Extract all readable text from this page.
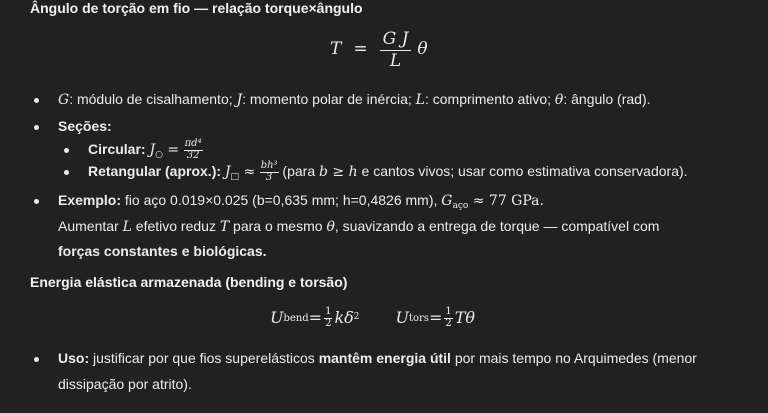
Ângulo de torção em fio — relação torque×ângulo
$T = \frac{\text{G J}}{L}$ θ
G: módulo de cisalhamento; J: momento polar de inércia; L: comprimento ativo; θ: ângulo (rad).
Seções:
Circular: $J_○ = \frac{\text{πd⁴}}{32}$
Retangular (aprox.): $J_□ \approx \frac{\text{bh³}}{3}$ (para b ≥ h e cantos vivos; usar como estimativa conservadora).
Exemplo: fio aço 0.019×0.025 (b=0,635 mm; h=0,4826 mm), $G_{aço} \approx 77$ GPa.
Aumentar L efetivo reduz T para o mesmo θ, suavizando a entrega de torque — compatível com
forças constantes e biológicas.
Energia elástica armazenada (bending e torsão)
U bend = $\frac{1}{2}$ kδ 2 U tors = $\frac{1}{2}$ Tθ
Uso: justificar por que fios superelásticos mantêm energia útil por mais tempo no Arquimedes (menor
dissipação por atrito).
